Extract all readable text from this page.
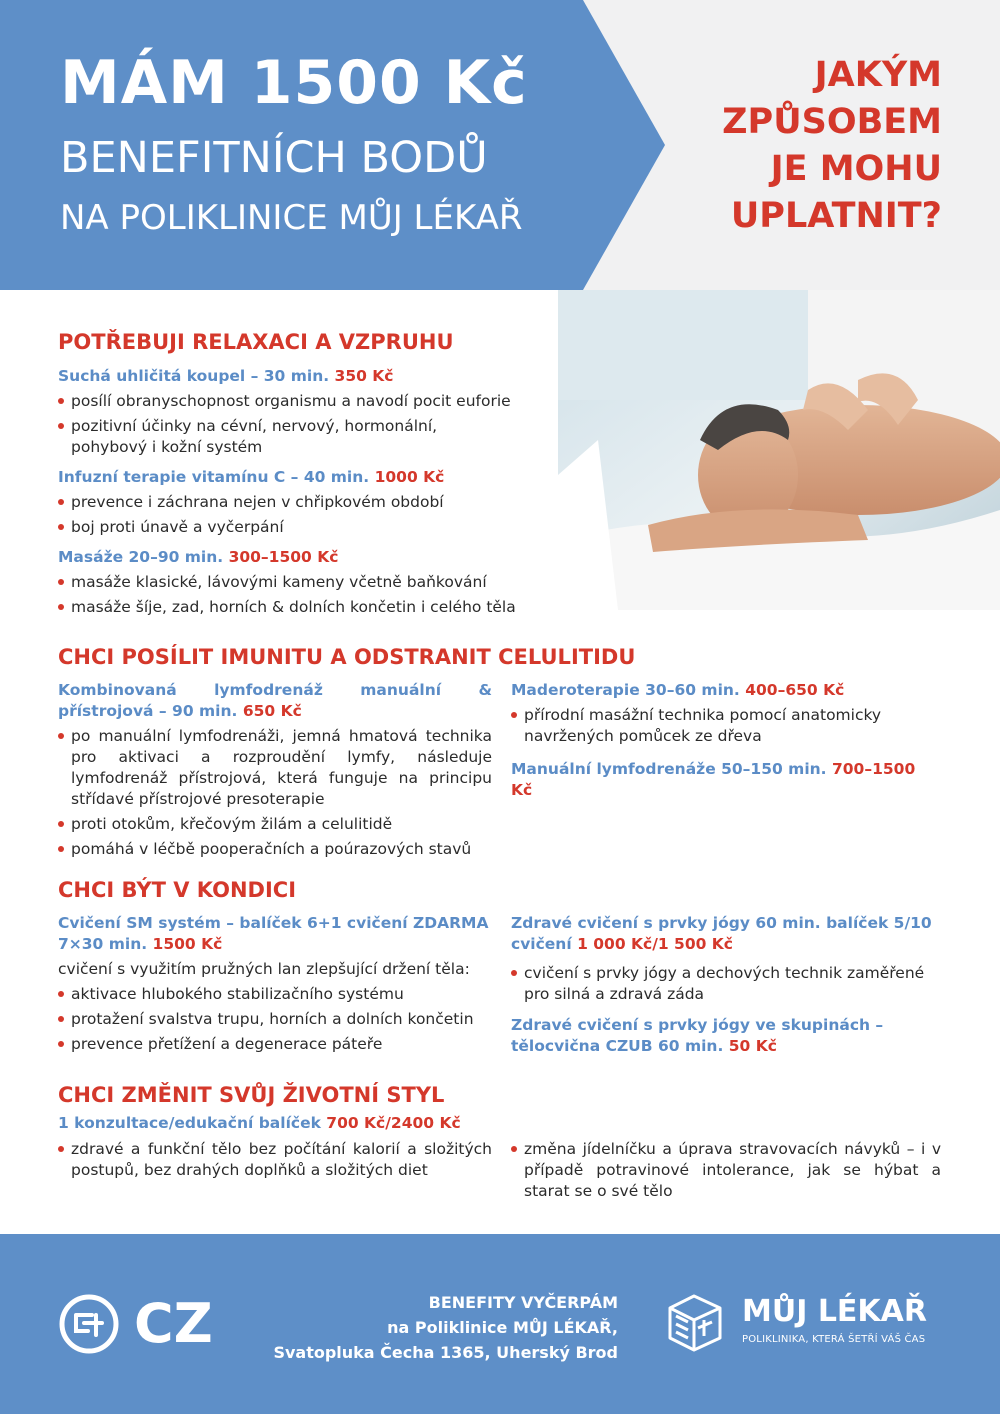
MÁM 1500 Kč
BENEFITNÍCH BODŮ
NA POLIKLINICE MŮJ LÉKAŘ
JAKÝM
ZPŮSOBEM
JE MOHU
UPLATNIT?
POTŘEBUJI RELAXACI A VZPRUHU
Suchá uhličitá koupel – 30 min. 350 Kč
posílí obranyschopnost organismu a navodí pocit euforie
pozitivní účinky na cévní, nervový, hormonální, pohybový i kožní systém
Infuzní terapie vitamínu C – 40 min. 1000 Kč
prevence i záchrana nejen v chřipkovém období
boj proti únavě a vyčerpání
Masáže 20–90 min. 300–1500 Kč
masáže klasické, lávovými kameny včetně baňkování
masáže šíje, zad, horních & dolních končetin i celého těla
CHCI POSÍLIT IMUNITU A ODSTRANIT CELULITIDU
Kombinovaná lymfodrenáž manuální & přístrojová – 90 min. 650 Kč
po manuální lymfodrenáži, jemná hmatová technika pro aktivaci a rozproudění lymfy, následuje lymfodrenáž přístrojová, která funguje na principu střídavé přístrojové presoterapie
proti otokům, křečovým žilám a celulitidě
pomáhá v léčbě pooperačních a poúrazových stavů
Maderoterapie 30–60 min. 400–650 Kč
přírodní masážní technika pomocí anatomicky navržených pomůcek ze dřeva
Manuální lymfodrenáže 50–150 min. 700–1500 Kč
CHCI BÝT V KONDICI
Cvičení SM systém – balíček 6+1 cvičení ZDARMA 7×30 min. 1500 Kč
cvičení s využitím pružných lan zlepšující držení těla:
aktivace hlubokého stabilizačního systému
protažení svalstva trupu, horních a dolních končetin
prevence přetížení a degenerace páteře
Zdravé cvičení s prvky jógy 60 min. balíček 5/10 cvičení 1 000 Kč/1 500 Kč
cvičení s prvky jógy a dechových technik zaměřené pro silná a zdravá záda
Zdravé cvičení s prvky jógy ve skupinách – tělocvična CZUB 60 min. 50 Kč
CHCI ZMĚNIT SVŮJ ŽIVOTNÍ STYL
1 konzultace/edukační balíček 700 Kč/2400 Kč
zdravé a funkční tělo bez počítání kalorií a složitých postupů, bez drahých doplňků a složitých diet
změna jídelníčku a úprava stravovacích návyků – i v případě potravinové intolerance, jak se hýbat a starat se o své tělo
CZ	BENEFITY VYČERPÁM
na Poliklinice MŮJ LÉKAŘ,
Svatopluka Čecha 1365, Uherský Brod
MŮJ LÉKAŘ
POLIKLINIKA, KTERÁ ŠETŘÍ VÁŠ ČAS
